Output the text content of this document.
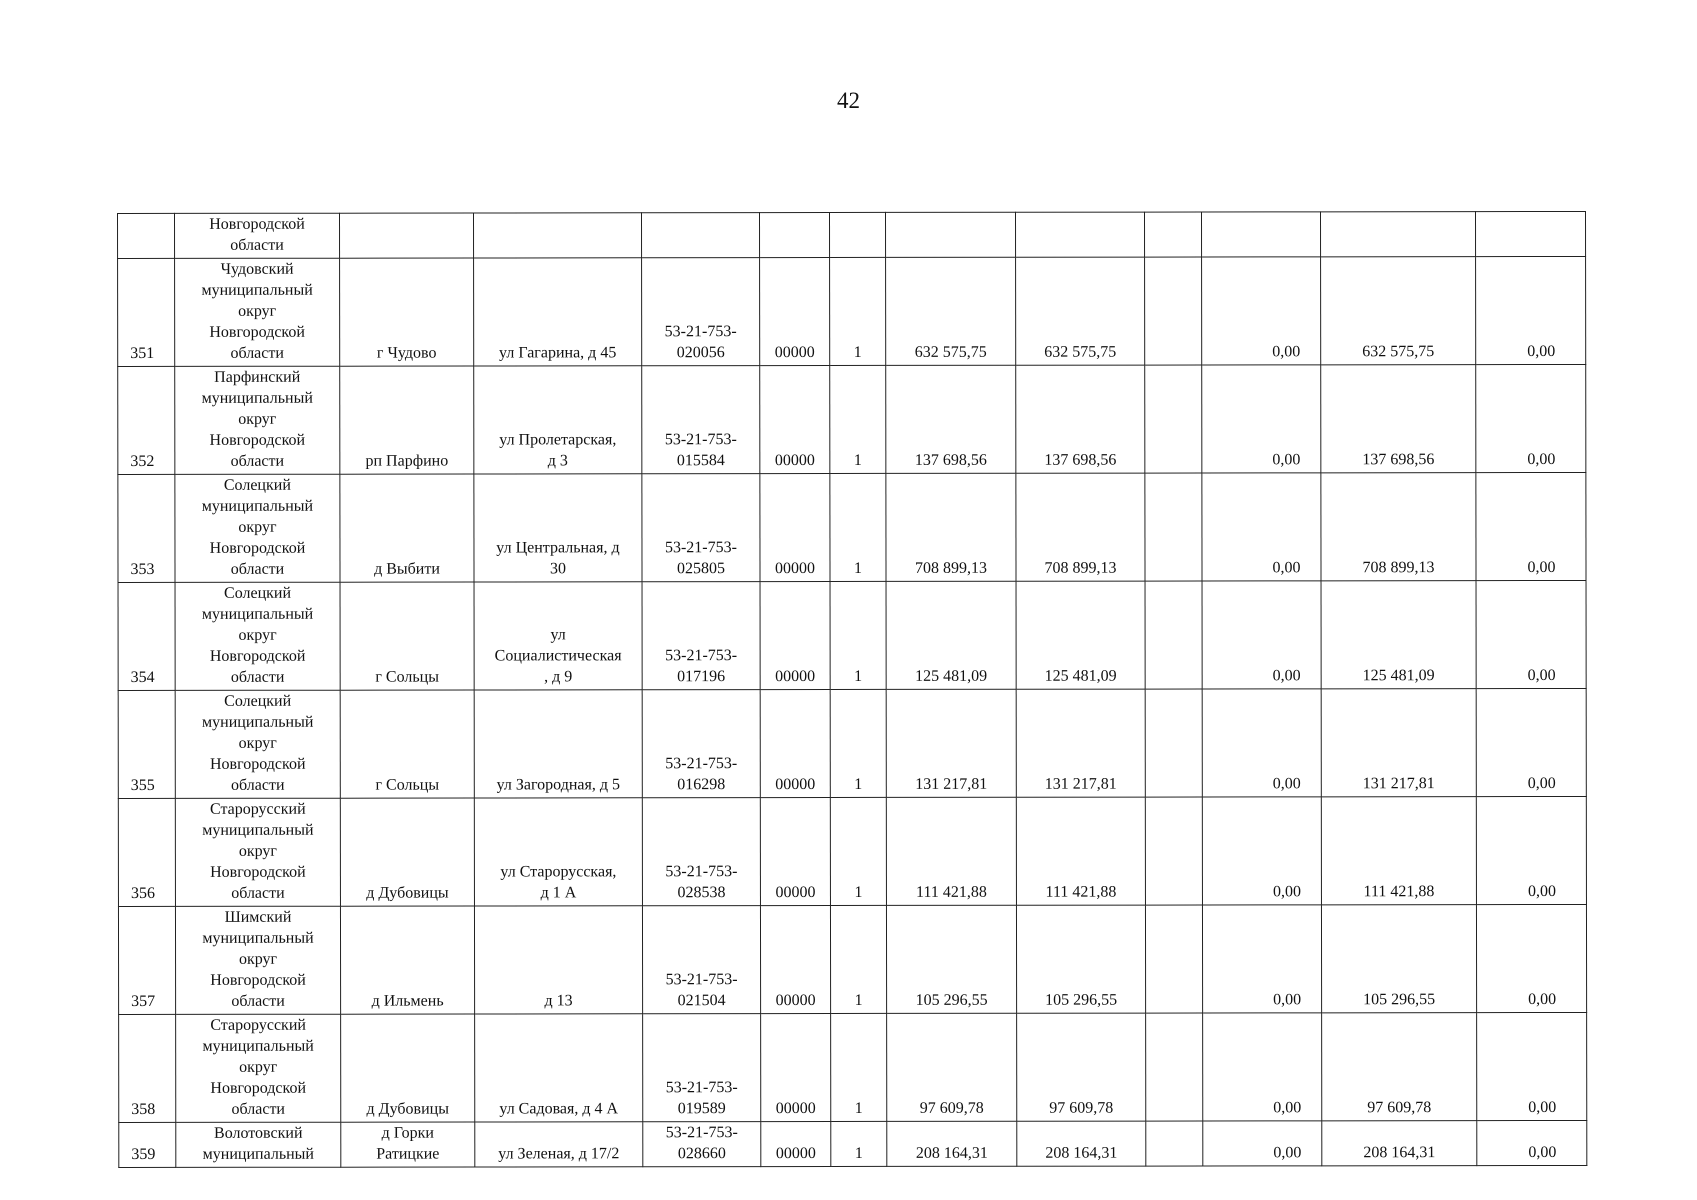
42

	Новгородской
области											

351	Чудовский
муниципальный
округ
Новгородской
области	г Чудово	ул Гагарина, д 45	53-21-753-
020056	00000	1	632 575,75	632 575,75		0,00	632 575,75	0,00

352	Парфинский
муниципальный
округ
Новгородской
области	рп Парфино	ул Пролетарская,
д 3	53-21-753-
015584	00000	1	137 698,56	137 698,56		0,00	137 698,56	0,00

353	Солецкий
муниципальный
округ
Новгородской
области	д Выбити	ул Центральная, д
30	53-21-753-
025805	00000	1	708 899,13	708 899,13		0,00	708 899,13	0,00

354	Солецкий
муниципальный
округ
Новгородской
области	г Сольцы	ул
Социалистическая
, д 9	53-21-753-
017196	00000	1	125 481,09	125 481,09		0,00	125 481,09	0,00

355	Солецкий
муниципальный
округ
Новгородской
области	г Сольцы	ул Загородная, д 5	53-21-753-
016298	00000	1	131 217,81	131 217,81		0,00	131 217,81	0,00

356	Старорусский
муниципальный
округ
Новгородской
области	д Дубовицы	ул Старорусская,
д 1 А	53-21-753-
028538	00000	1	111 421,88	111 421,88		0,00	111 421,88	0,00

357	Шимский
муниципальный
округ
Новгородской
области	д Ильмень	д 13	53-21-753-
021504	00000	1	105 296,55	105 296,55		0,00	105 296,55	0,00

358	Старорусский
муниципальный
округ
Новгородской
области	д Дубовицы	ул Садовая, д 4 А	53-21-753-
019589	00000	1	97 609,78	97 609,78		0,00	97 609,78	0,00

359	Волотовский
муниципальный	д Горки
Ратицкие	ул Зеленая, д 17/2	53-21-753-
028660	00000	1	208 164,31	208 164,31		0,00	208 164,31	0,00
